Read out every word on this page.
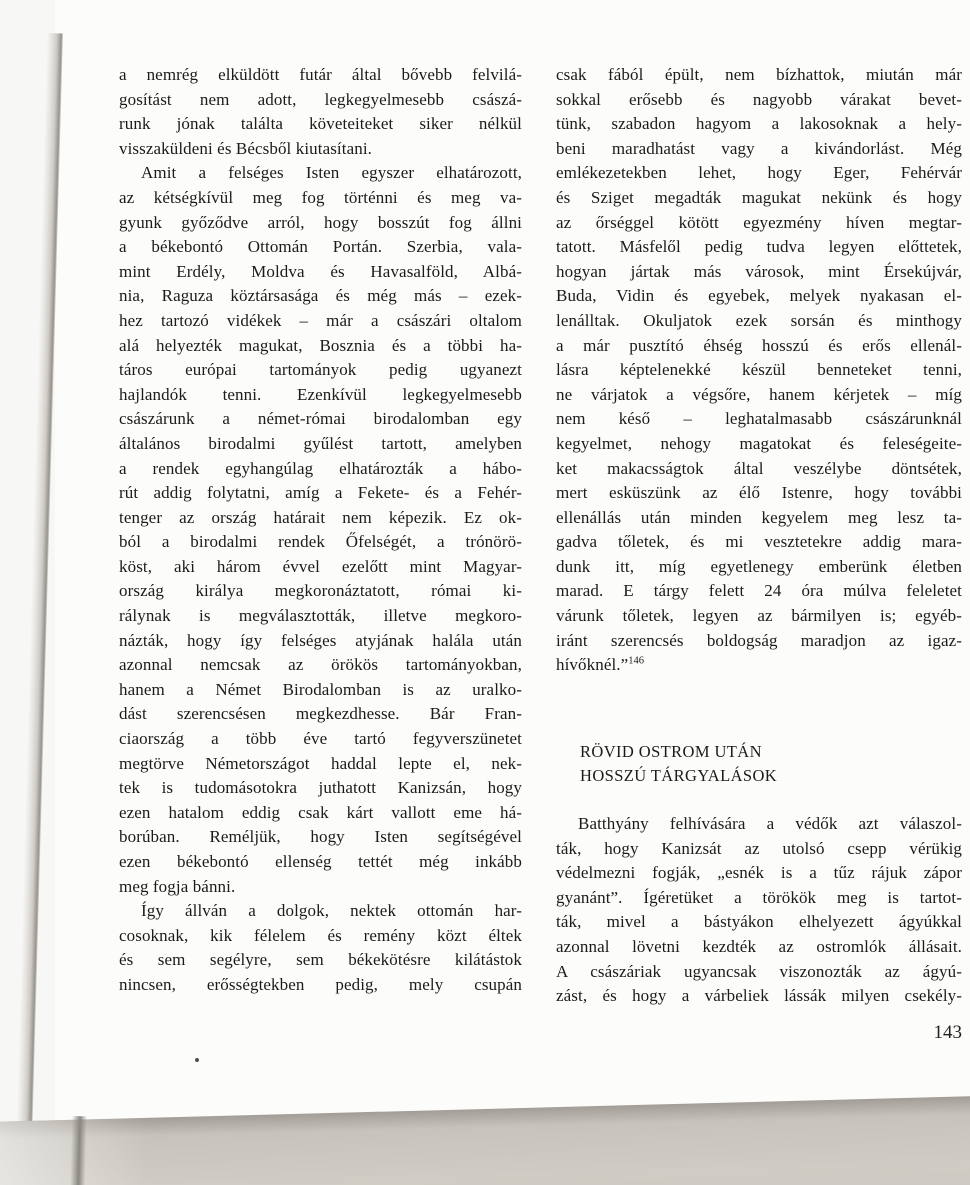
a nemrég elküldött futár által bővebb felvilá-
gosítást nem adott, legkegyelmesebb császá-
runk jónak találta követeiteket siker nélkül
visszaküldeni és Bécsből kiutasítani.
Amit a felséges Isten egyszer elhatározott,
az kétségkívül meg fog történni és meg va-
gyunk győződve arról, hogy bosszút fog állni
a békebontó Ottomán Portán. Szerbia, vala-
mint Erdély, Moldva és Havasalföld, Albá-
nia, Raguza köztársasága és még más – ezek-
hez tartozó vidékek – már a császári oltalom
alá helyezték magukat, Bosznia és a többi ha-
táros európai tartományok pedig ugyanezt
hajlandók tenni. Ezenkívül legkegyelmesebb
császárunk a német-római birodalomban egy
általános birodalmi gyűlést tartott, amelyben
a rendek egyhangúlag elhatározták a hábo-
rút addig folytatni, amíg a Fekete- és a Fehér-
tenger az ország határait nem képezik. Ez ok-
ból a birodalmi rendek Őfelségét, a trónörö-
köst, aki három évvel ezelőtt mint Magyar-
ország királya megkoronáztatott, római ki-
rálynak is megválasztották, illetve megkoro-
názták, hogy így felséges atyjának halála után
azonnal nemcsak az örökös tartományokban,
hanem a Német Birodalomban is az uralko-
dást szerencsésen megkezdhesse. Bár Fran-
ciaország a több éve tartó fegyverszünetet
megtörve Németországot haddal lepte el, nek-
tek is tudomásotokra juthatott Kanizsán, hogy
ezen hatalom eddig csak kárt vallott eme há-
borúban. Reméljük, hogy Isten segítségével
ezen békebontó ellenség tettét még inkább
meg fogja bánni.
Így állván a dolgok, nektek ottomán har-
cosoknak, kik félelem és remény közt éltek
és sem segélyre, sem békekötésre kilátástok
nincsen, erősségtekben pedig, mely csupán
csak fából épült, nem bízhattok, miután már
sokkal erősebb és nagyobb várakat bevet-
tünk, szabadon hagyom a lakosoknak a hely-
beni maradhatást vagy a kivándorlást. Még
emlékezetekben lehet, hogy Eger, Fehérvár
és Sziget megadták magukat nekünk és hogy
az őrséggel kötött egyezmény híven megtar-
tatott. Másfelől pedig tudva legyen előttetek,
hogyan jártak más városok, mint Érsekújvár,
Buda, Vidin és egyebek, melyek nyakasan el-
lenálltak. Okuljatok ezek sorsán és minthogy
a már pusztító éhség hosszú és erős ellenál-
lásra képtelenekké készül benneteket tenni,
ne várjatok a végsőre, hanem kérjetek – míg
nem késő – leghatalmasabb császárunknál
kegyelmet, nehogy magatokat és feleségeite-
ket makacsságtok által veszélybe döntsétek,
mert esküszünk az élő Istenre, hogy további
ellenállás után minden kegyelem meg lesz ta-
gadva tőletek, és mi vesztetekre addig mara-
dunk itt, míg egyetlenegy emberünk életben
marad. E tárgy felett 24 óra múlva feleletet
várunk tőletek, legyen az bármilyen is; egyéb-
iránt szerencsés boldogság maradjon az igaz-
hívőknél.”$^{146}$
RÖVID OSTROM UTÁN
HOSSZÚ TÁRGYALÁSOK
Batthyány felhívására a védők azt válaszol-
ták, hogy Kanizsát az utolsó csepp vérükig
védelmezni fogják, „esnék is a tűz rájuk zápor
gyanánt”. Ígéretüket a törökök meg is tartot-
ták, mivel a bástyákon elhelyezett ágyúkkal
azonnal lövetni kezdték az ostromlók állásait.
A császáriak ugyancsak viszonozták az ágyú-
zást, és hogy a várbeliek lássák milyen csekély-
143
